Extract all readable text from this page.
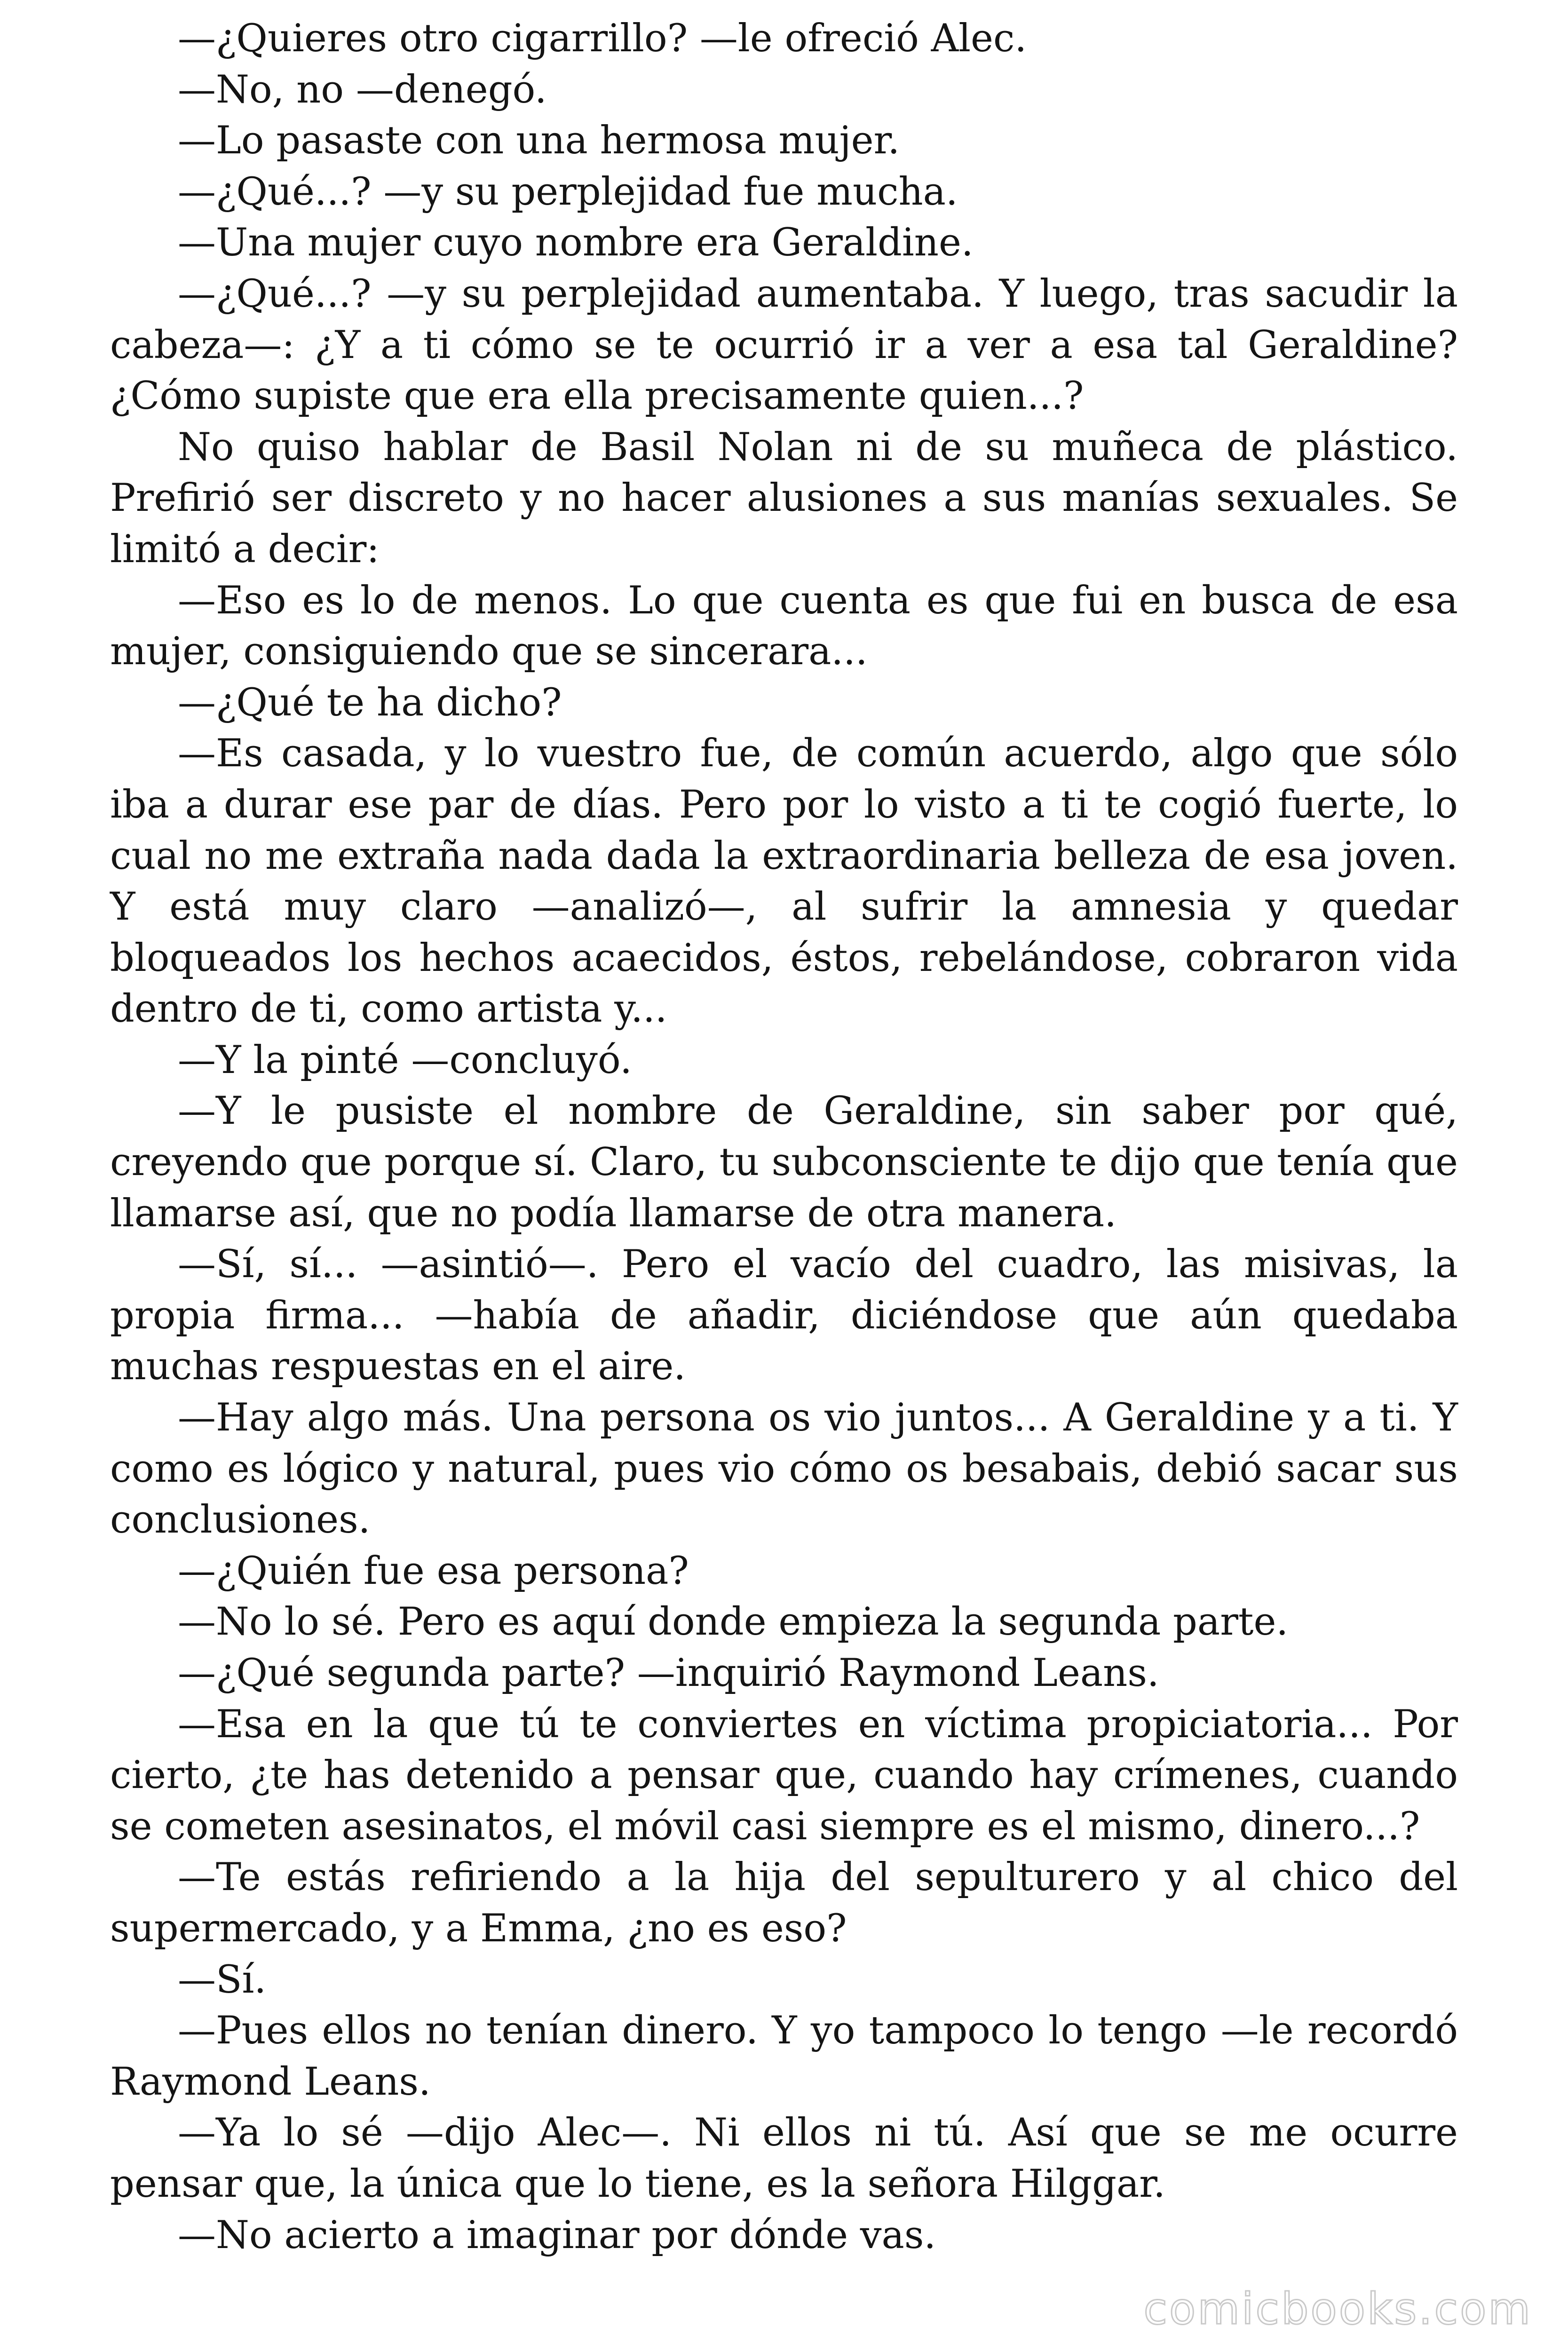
—¿Quieres otro cigarrillo? —le ofreció Alec.

—No, no —denegó.

—Lo pasaste con una hermosa mujer.

—¿Qué...? —y su perplejidad fue mucha.

—Una mujer cuyo nombre era Geraldine.

—¿Qué...? —y su perplejidad aumentaba. Y luego, tras sacudir la cabeza—: ¿Y a ti cómo se te ocurrió ir a ver a esa tal Geraldine? ¿Cómo supiste que era ella precisamente quien...?

No quiso hablar de Basil Nolan ni de su muñeca de plástico. Prefirió ser discreto y no hacer alusiones a sus manías sexuales. Se limitó a decir:

—Eso es lo de menos. Lo que cuenta es que fui en busca de esa mujer, consiguiendo que se sincerara...

—¿Qué te ha dicho?

—Es casada, y lo vuestro fue, de común acuerdo, algo que sólo iba a durar ese par de días. Pero por lo visto a ti te cogió fuerte, lo cual no me extraña nada dada la extraordinaria belleza de esa joven. Y está muy claro —analizó—, al sufrir la amnesia y quedar bloqueados los hechos acaecidos, éstos, rebelándose, cobraron vida dentro de ti, como artista y...

—Y la pinté —concluyó.

—Y le pusiste el nombre de Geraldine, sin saber por qué, creyendo que porque sí. Claro, tu subconsciente te dijo que tenía que llamarse así, que no podía llamarse de otra manera.

—Sí, sí... —asintió—. Pero el vacío del cuadro, las misivas, la propia firma... —había de añadir, diciéndose que aún quedaba muchas respuestas en el aire.

—Hay algo más. Una persona os vio juntos... A Geraldine y a ti. Y como es lógico y natural, pues vio cómo os besabais, debió sacar sus conclusiones.

—¿Quién fue esa persona?

—No lo sé. Pero es aquí donde empieza la segunda parte.

—¿Qué segunda parte? —inquirió Raymond Leans.

—Esa en la que tú te conviertes en víctima propiciatoria... Por cierto, ¿te has detenido a pensar que, cuando hay crímenes, cuando se cometen asesinatos, el móvil casi siempre es el mismo, dinero...?

—Te estás refiriendo a la hija del sepulturero y al chico del supermercado, y a Emma, ¿no es eso?

—Sí.

—Pues ellos no tenían dinero. Y yo tampoco lo tengo —le recordó Raymond Leans.

—Ya lo sé —dijo Alec—. Ni ellos ni tú. Así que se me ocurre pensar que, la única que lo tiene, es la señora Hilggar.

—No acierto a imaginar por dónde vas.

comicbooks.com
